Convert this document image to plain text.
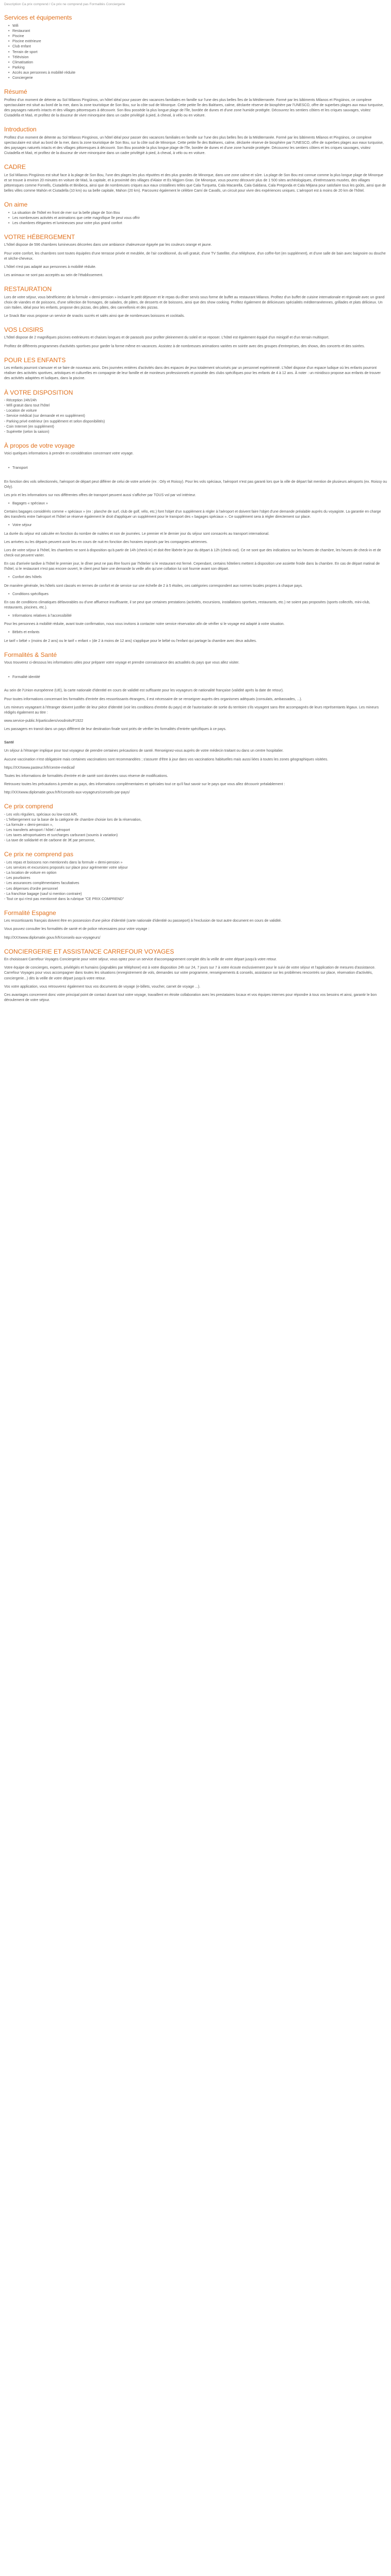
Description Ca prix comprend / Ce prix ne comprend pas Formalités Conciergerie
Services et équipements
• Wifi
• Restaurant
• Piscine
• Piscine extérieure
• Club enfant
• Terrain de sport
• Télévision
• Climatisation
• Parking
• Accès aux personnes à mobilité réduite
• Conciergerie
Résumé

Profitez d'un moment de détente au Sol Milanos Pingüinos, un hôtel idéal pour passer des vacances familiales en famille sur l'une des plus belles îles de la Méditerranée. Formé par les bâtiments Milanos et Pingüinos, ce complexe spectaculaire est situé au bord de la mer, dans la zone touristique de Son Bou, sur la côte sud de Minorque. Cette petite île des Baléares, calme, déclarée réserve de biosphère par l'UNESCO, offre de superbes plages aux eaux turquoise, des paysages naturels intacts et des villages pittoresques à découvrir. Son Bou possède la plus longue plage de l'île, bordée de dunes et d'une zone humide protégée. Découvrez les sentiers côtiers et les criques sauvages, visitez Ciutadella et Maó, et profitez de la douceur de vivre minorquine dans un cadre privilégié à pied, à cheval, à vélo ou en voiture.

Introduction

Profitez d'un moment de détente au Sol Milanos Pingüinos, un hôtel idéal pour passer des vacances familiales en famille sur l'une des plus belles îles de la Méditerranée. Formé par les bâtiments Milanos et Pingüinos, ce complexe spectaculaire est situé au bord de la mer, dans la zone touristique de Son Bou, sur la côte sud de Minorque. Cette petite île des Baléares, calme, déclarée réserve de biosphère par l'UNESCO, offre de superbes plages aux eaux turquoise, des paysages naturels intacts et des villages pittoresques à découvrir. Son Bou possède la plus longue plage de l'île, bordée de dunes et d'une zone humide protégée. Découvrez les sentiers côtiers et les criques sauvages, visitez Ciutadella et Maó, et profitez de la douceur de vivre minorquine dans un cadre privilégié à pied, à cheval, à vélo ou en voiture.

CADRE

Le Sol Milanos Pingüinos est situé face à la plage de Son Bou, l'une des plages les plus réputées et des plus grandes de Minorque, dans une zone calme et sûre. La plage de Son Bou est connue comme la plus longue plage de Minorque et se trouve à environ 20 minutes en voiture de Maó, la capitale, et à proximité des villages d'Alaior et Es Migjorn Gran. De Minorque, vous pourrez découvrir plus de 1 500 sites archéologiques, d'intéressants musées, des villages pittoresques comme Fornells, Ciutadella et Binibeca, ainsi que de nombreuses criques aux eaux cristallines telles que Cala Turqueta, Cala Macarella, Cala Galdana, Cala Pregonda et Cala Mitjana pour satisfaire tous les goûts, ainsi que de belles villes comme Mahón et Ciutadella (10 km) ou sa belle capitale, Mahon (20 km). Parcourez également le célèbre Camí de Cavalls, un circuit pour vivre des expériences uniques. L'aéroport est à moins de 20 km de l'hôtel.

On aime
• La situation de l'hôtel en front de mer sur la belle plage de Son Bou
• Les nombreuses activités et animations que cette magnifique île peut vous offrir
• Les chambres élégantes et lumineuses pour votre plus grand confort
VOTRE HÉBERGEMENT

L'hôtel dispose de 596 chambres lumineuses décorées dans une ambiance chaleureuse égayée par les couleurs orange et jaune.

Pour votre confort, les chambres sont toutes équipées d'une terrasse privée et meublée, de l'air conditionné, du wifi gratuit, d'une TV Satellite, d'un téléphone, d'un coffre-fort (en supplément), et d'une salle de bain avec baignoire ou douche et sèche-cheveux.

L'hôtel n'est pas adapté aux personnes à mobilité réduite.

Les animaux ne sont pas acceptés au sein de l'établissement.

RESTAURATION

Lors de votre séjour, vous bénéficierez de la formule « demi-pension » incluant le petit déjeuner et le repas du dîner servis sous forme de buffet au restaurant Milanos. Profitez d'un buffet de cuisine internationale et régionale avec un grand choix de viandes et de poissons, d'une sélection de fromages, de salades, de pâtes, de desserts et de boissons, ainsi que des show cooking. Profitez également de délicieuses spécialités méditerranéennes, grillades et plats délicieux. Un coin Italien, idéal pour les enfants, propose des pizzas, des pâtes, des cannellonis et des pizzas.

Le Snack Bar vous propose un service de snacks sucrés et salés ainsi que de nombreuses boissons et cocktails.

VOS LOISIRS

L'hôtel dispose de 2 magnifiques piscines extérieures et chaises longues et de parasols pour profiter pleinement du soleil et se reposer. L'hôtel est également équipé d'un minigolf et d'un terrain multisport.

Profitez de différents programmes d'activités sportives pour garder la forme même en vacances. Assistez à de nombreuses animations variées en soirée avec des groupes d'entreprises, des shows, des concerts et des soirées.

POUR LES ENFANTS

Les enfants pourront s'amuser et se faire de nouveaux amis. Des journées entières d'activités dans des espaces de jeux totalement sécurisés par un personnel expérimenté. L'hôtel dispose d'un espace ludique où les enfants pourront réaliser des activités sportives, artistiques et culturelles en compagnie de leur famille et de moniteurs professionnels et possède des clubs spécifiques pour les enfants de 4 à 12 ans. À noter : un minidisco propose aux enfants de trouver des activités adaptées et ludiques, dans la piscine.

À VOTRE DISPOSITION

- Réception 24h/24h

- Wifi gratuit dans tout l'hôtel

- Location de voiture

- Service médical (sur demande et en supplément)

- Parking privé extérieur (en supplément et selon disponibilités)

- Coin Internet (en supplément)

- Supérette (selon la saison)

À propos de votre voyage

Voici quelques informations à prendre en considération concernant votre voyage.

• Transport

En fonction des vols sélectionnés, l'aéroport de départ peut différer de celui de votre arrivée (ex : Orly et Roissy). Pour les vols spéciaux, l'aéroport n'est pas garanti lors que la ville de départ fait mention de plusieurs aéroports (ex. Roissy ou Orly).

Les prix et les informations sur nos différentes offres de transport peuvent aussi s'afficher par TOUS vol par vol intérieur.

• Bagages « spéciaux »

Certains bagages considérés comme « spéciaux » (ex : planche de surf, club de golf, vélo, etc.) font l'objet d'un supplément à régler à l'aéroport et doivent faire l'objet d'une demande préalable auprès du voyagiste. La garantie en charge des transferts entre l'aéroport et l'hôtel se réserve également le droit d'appliquer un supplément pour le transport des « bagages spéciaux ». Ce supplément sera à régler directement sur place.

• Votre séjour

La durée du séjour est calculée en fonction du nombre de nuitées et non de journées. Le premier et le dernier jour du séjour sont consacrés au transport international.

Les arrivées ou les départs peuvent avoir lieu en cours de nuit en fonction des horaires imposés par les compagnies aériennes.

Lors de votre séjour à l'hôtel, les chambres ne sont à disposition qu'à partir de 14h (check-in) et doit être libérée le jour du départ à 12h (check-out). Ce ne sont que des indications sur les heures de chambre, les heures de check-in et de check-out peuvent varier.

En cas d'arrivée tardive à l'hôtel le premier jour, le dîner peut ne pas être fourni par l'hôtelier si le restaurant est fermé. Cependant, certains hôteliers mettent à disposition une assiette froide dans la chambre. En cas de départ matinal de l'hôtel, si le restaurant n'est pas encore ouvert, le client peut faire une demande la veille afin qu'une collation lui soit fournie avant son départ.

• Confort des hôtels

De manière générale, les hôtels sont classés en termes de confort et de service sur une échelle de 2 à 5 étoiles, ces catégories correspondent aux normes locales propres à chaque pays.

• Conditions spécifiques

En cas de conditions climatiques défavorables ou d'une affluence insuffisante, il se peut que certaines prestations (activités, excursions, installations sportives, restaurants, etc.) ne soient pas proposées (sports collectifs, mini-club, restaurants, piscines, etc.).

• Informations relatives à l'accessibilité

Pour les personnes à mobilité réduite, avant toute confirmation, nous vous invitons à contacter notre service réservation afin de vérifier si le voyage est adapté à votre situation.

• Bébés et enfants

Le tarif « bébé » (moins de 2 ans) ou le tarif « enfant » (de 2 à moins de 12 ans) s'applique pour le bébé ou l'enfant qui partage la chambre avec deux adultes.

Formalités & Santé

Vous trouverez ci-dessous les informations utiles pour préparer votre voyage et prendre connaissance des actualités du pays que vous allez visiter.

• Formalité identité

Au sein de l'Union européenne (UE), la carte nationale d'identité en cours de validité est suffisante pour les voyageurs de nationalité française (validité après la date de retour).

Pour toutes informations concernant les formalités d'entrée des ressortissants étrangers, il est nécessaire de se renseigner auprès des organismes adéquats (consulats, ambassades, ...).

Les mineurs voyageant à l'étranger doivent justifier de leur pièce d'identité (voir les conditions d'entrée du pays) et de l'autorisation de sortie du territoire s'ils voyagent sans être accompagnés de leurs représentants légaux. Les mineurs rédigés également au titre :

www.service-public.fr/particuliers/vosdroits/F1922

Les passagers en transit dans un pays différent de leur destination finale sont priés de vérifier les formalités d'entrée spécifiques à ce pays.

Santé

Un séjour à l'étranger implique pour tout voyageur de prendre certaines précautions de santé. Renseignez-vous auprès de votre médecin traitant ou dans un centre hospitalier.

Aucune vaccination n'est obligatoire mais certaines vaccinations sont recommandées ; s'assurer d'être à jour dans vos vaccinations habituelles mais aussi liées à toutes les zones géographiques visitées.

https://XXXwww.pasteur.fr/fr/centre-medical/

Toutes les informations de formalités d'entrée et de santé sont données sous réserve de modifications.

Retrouvez toutes les précautions à prendre au pays, des informations complémentaires et spéciales tout ce qu'il faut savoir sur le pays que vous allez découvrir préalablement :

http://XXXwww.diplomatie.gouv.fr/fr/conseils-aux-voyageurs/conseils-par-pays/

Ce prix comprend

- Les vols réguliers, spéciaux ou low-cost A/R,

- L'hébergement sur la base de la catégorie de chambre choisie lors de la réservation,

- La formule « demi-pension »,

- Les transferts aéroport / hôtel / aéroport

- Les taxes aéroportuaires et surcharges carburant (soumis à variation)

- La taxe de solidarité et de carbone de 3€ par personne,

Ce prix ne comprend pas

- Les repas et boissons non mentionnés dans la formule « demi-pension »

- Les services et excursions proposés sur place pour agrémenter votre séjour

- La location de voiture en option

- Les pourboires

- Les assurances complémentaires facultatives

- Les dépenses d'ordre personnel

- La franchise bagage (sauf si mention contraire)

- Tout ce qui n'est pas mentionné dans la rubrique "CE PRIX COMPREND"

Formalité Espagne

Les ressortissants français doivent être en possession d'une pièce d'identité (carte nationale d'identité ou passeport) à l'exclusion de tout autre document en cours de validité.

Vous pouvez consulter les formalités de santé et de police nécessaires pour votre voyage :

http://XXXwww.diplomatie.gouv.fr/fr/conseils-aux-voyageurs/

CONCIERGERIE ET ASSISTANCE CARREFOUR VOYAGES

En choisissant Carrefour Voyages Conciergerie pour votre séjour, vous optez pour un service d'accompagnement complet dès la veille de votre départ jusqu'à votre retour.

Votre équipe de concierges, experts, privilégiés et humains (joignables par téléphone) est à votre disposition 24h sur 24, 7 jours sur 7 à votre écoute exclusivement pour le suivi de votre séjour et l'application de mesures d'assistance. Carrefour Voyages pour vous accompagner dans toutes les situations (enregistrement de vols, demandes sur votre programme, renseignements & conseils, assistance sur les problèmes rencontrés sur place, réservation d'activités, conciergerie...) dès la veille de votre départ jusqu'à votre retour.

Vos votre application, vous retrouverez également tous vos documents de voyage (e-billets, voucher, carnet de voyage ...).

Ces avantages concernent donc votre principal point de contact durant tout votre voyage, travaillent en étroite collaboration avec les prestataires locaux et vos équipes internes pour répondre à tous vos besoins et ainsi, garantir le bon déroulement de votre séjour.
